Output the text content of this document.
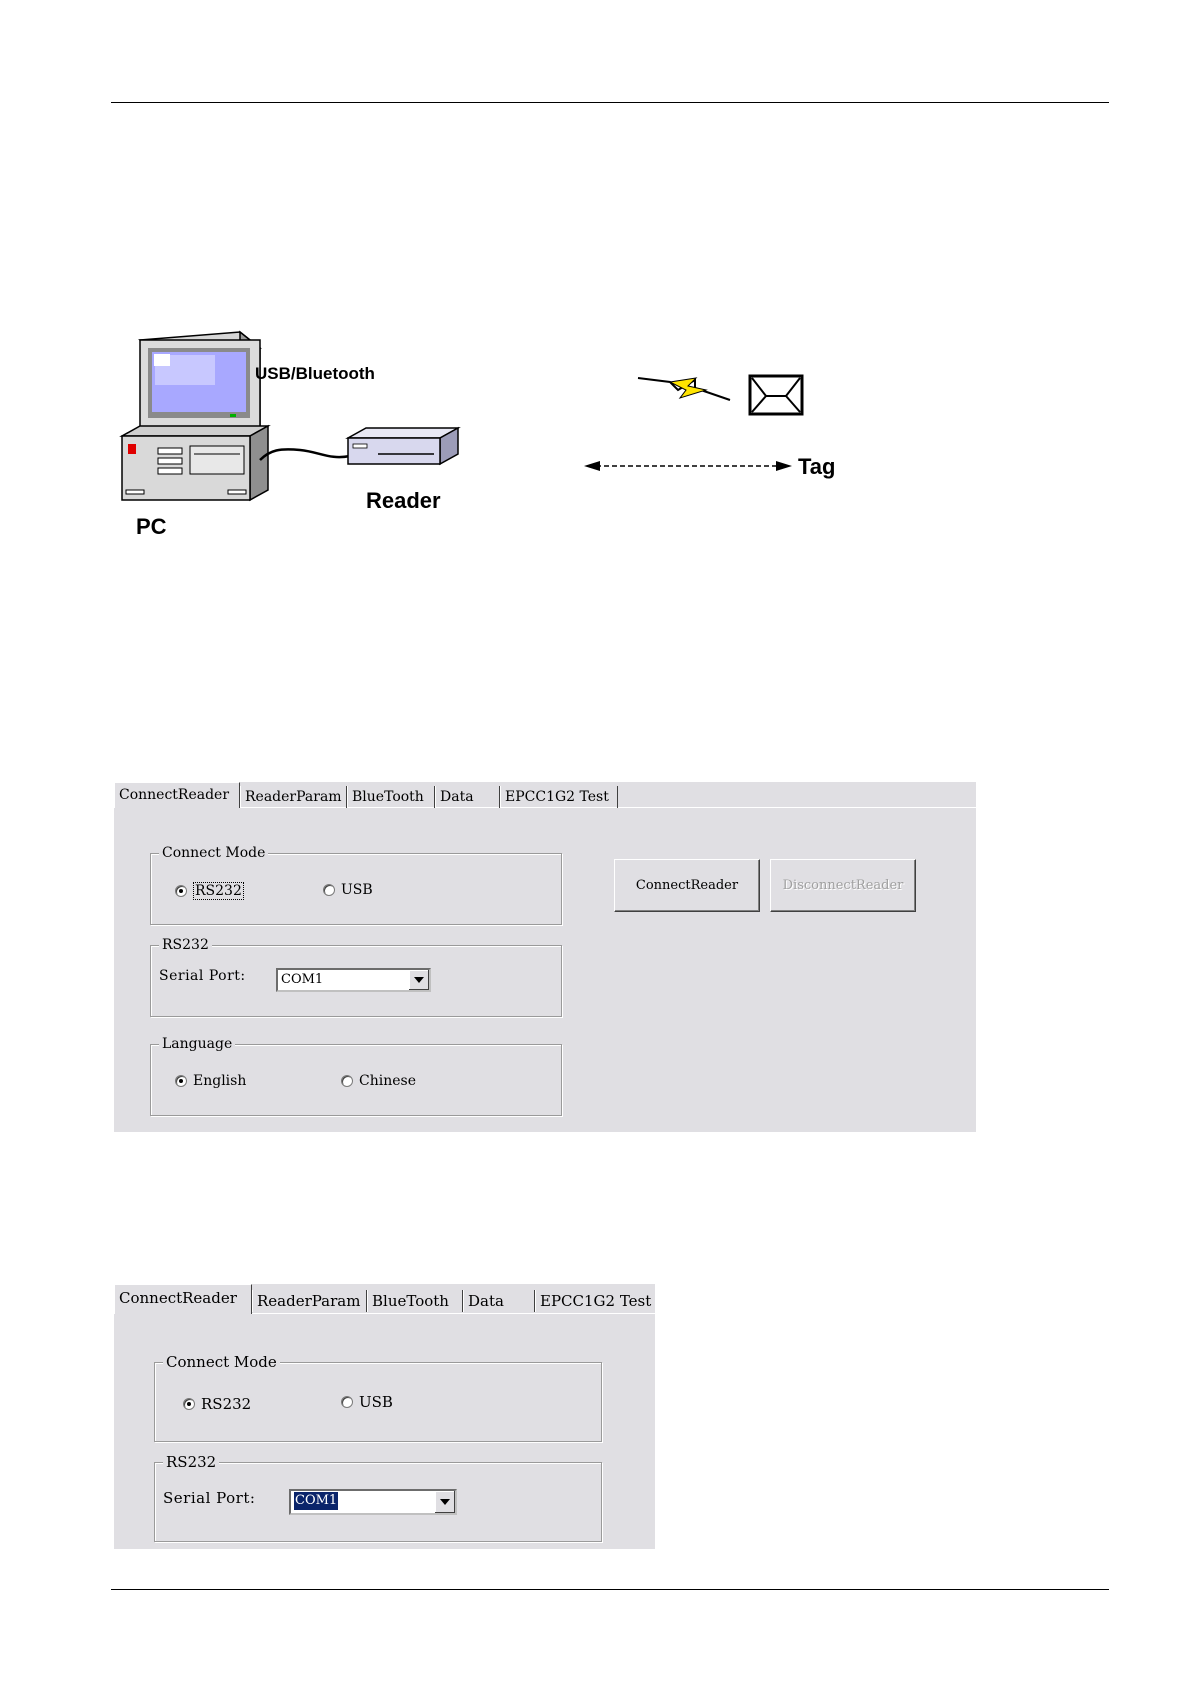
USB/Bluetooth
Reader
PC
Tag
ConnectReader	ReaderParam BlueTooth	Data	EPCC1G2 Test
Connect Mode
RS232	USB
RS232
Serial Port:	COM1
Language
English	Chinese
ConnectReader	DisconnectReader
ConnectReader	ReaderParam BlueTooth	Data	EPCC1G2 Test
Connect Mode
RS232	USB
RS232
Serial Port:	COM1
